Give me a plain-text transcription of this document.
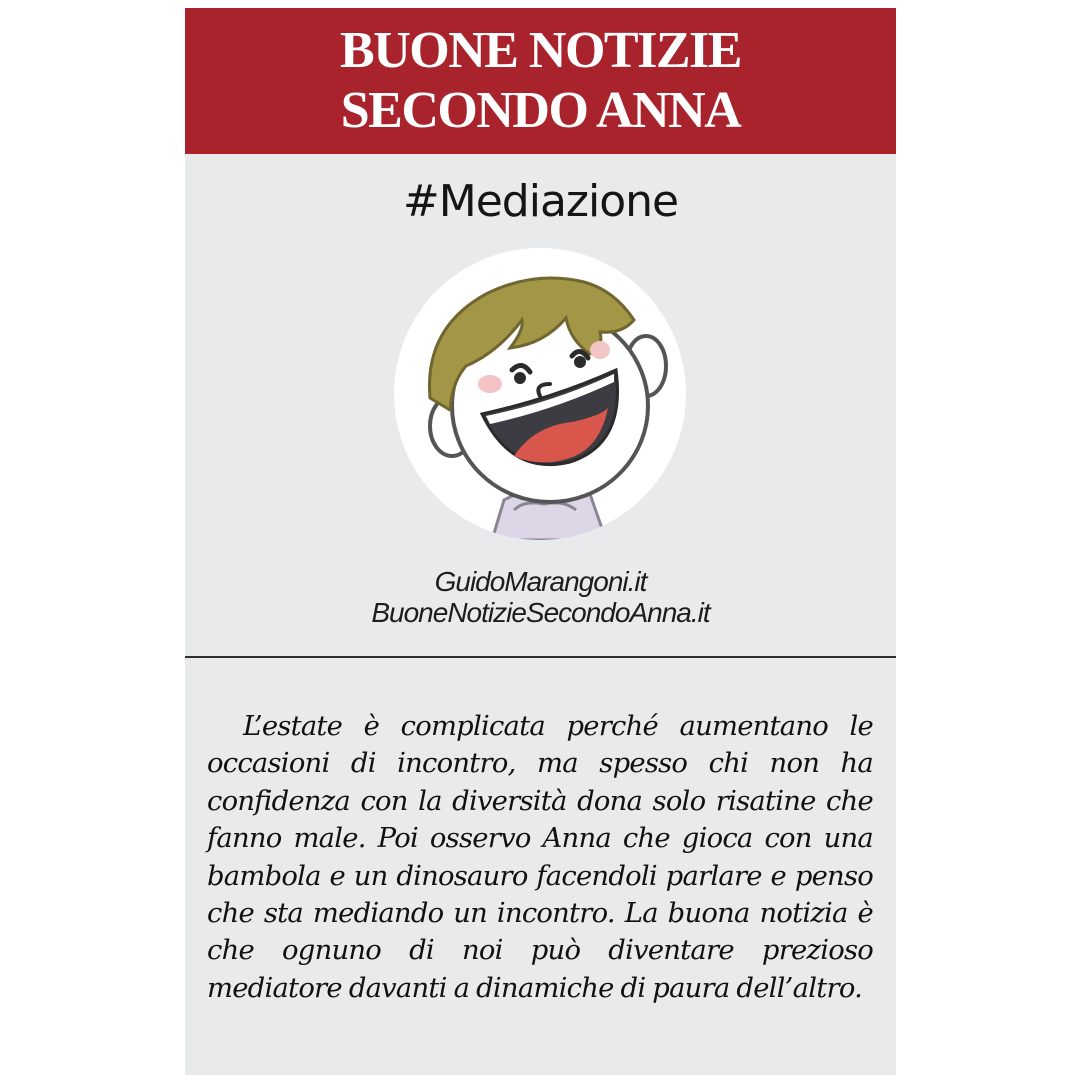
BUONE NOTIZIE
SECONDO ANNA
#Mediazione
GuidoMarangoni.it
BuoneNotizieSecondoAnna.it

L’estate è complicata perché aumentano le occasioni di incontro, ma spesso chi non ha confidenza con la diversità dona solo risatine che fanno male. Poi osservo Anna che gioca con una bambola e un dinosauro facendoli parlare e penso che sta mediando un incontro. La buona notizia è che ognuno di noi può diventare prezioso mediatore davanti a dinamiche di paura dell’altro.
